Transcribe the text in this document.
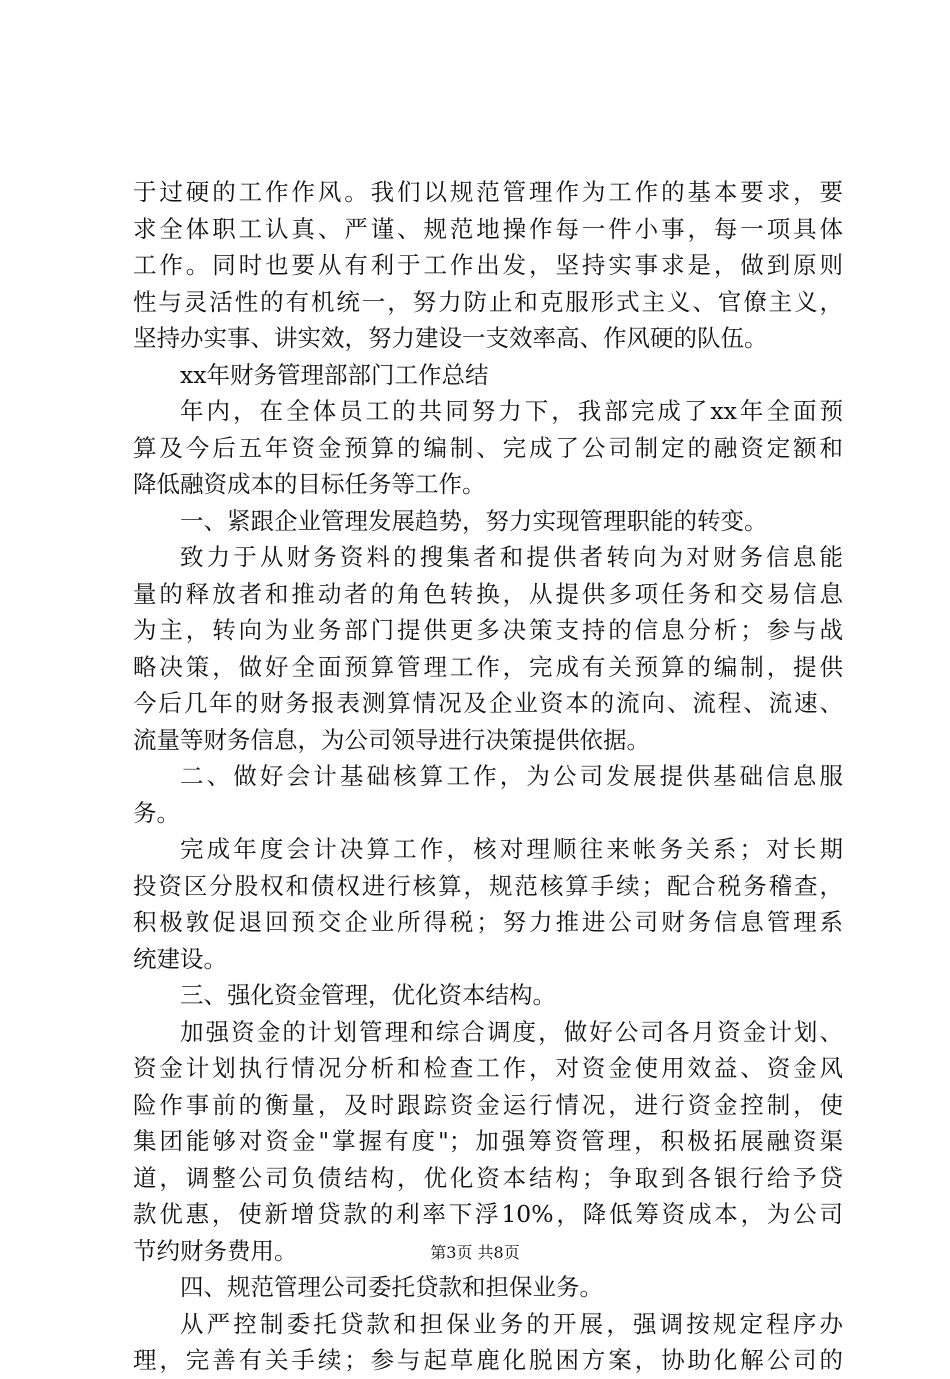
于过硬的工作作风。我们以规范管理作为工作的基本要求，要
求全体职工认真、严谨、规范地操作每一件小事，每一项具体
工作。同时也要从有利于工作出发，坚持实事求是，做到原则
性与灵活性的有机统一，努力防止和克服形式主义、官僚主义，
坚持办实事、讲实效，努力建设一支效率高、作风硬的队伍。
xx年财务管理部部门工作总结
年内，在全体员工的共同努力下，我部完成了xx年全面预
算及今后五年资金预算的编制、完成了公司制定的融资定额和
降低融资成本的目标任务等工作。
一、紧跟企业管理发展趋势，努力实现管理职能的转变。
致力于从财务资料的搜集者和提供者转向为对财务信息能
量的释放者和推动者的角色转换，从提供多项任务和交易信息
为主，转向为业务部门提供更多决策支持的信息分析；参与战
略决策，做好全面预算管理工作，完成有关预算的编制，提供
今后几年的财务报表测算情况及企业资本的流向、流程、流速、
流量等财务信息，为公司领导进行决策提供依据。
二、做好会计基础核算工作，为公司发展提供基础信息服
务。
完成年度会计决算工作，核对理顺往来帐务关系；对长期
投资区分股权和债权进行核算，规范核算手续；配合税务稽查，
积极敦促退回预交企业所得税；努力推进公司财务信息管理系
统建设。
三、强化资金管理，优化资本结构。
加强资金的计划管理和综合调度，做好公司各月资金计划、
资金计划执行情况分析和检查工作，对资金使用效益、资金风
险作事前的衡量，及时跟踪资金运行情况，进行资金控制，使
集团能够对资金"掌握有度"；加强筹资管理，积极拓展融资渠
道，调整公司负债结构，优化资本结构；争取到各银行给予贷
款优惠，使新增贷款的利率下浮10%，降低筹资成本，为公司
节约财务费用。
四、规范管理公司委托贷款和担保业务。
从严控制委托贷款和担保业务的开展，强调按规定程序办
理，完善有关手续；参与起草鹿化脱困方案，协助化解公司的
第3页 共8页
